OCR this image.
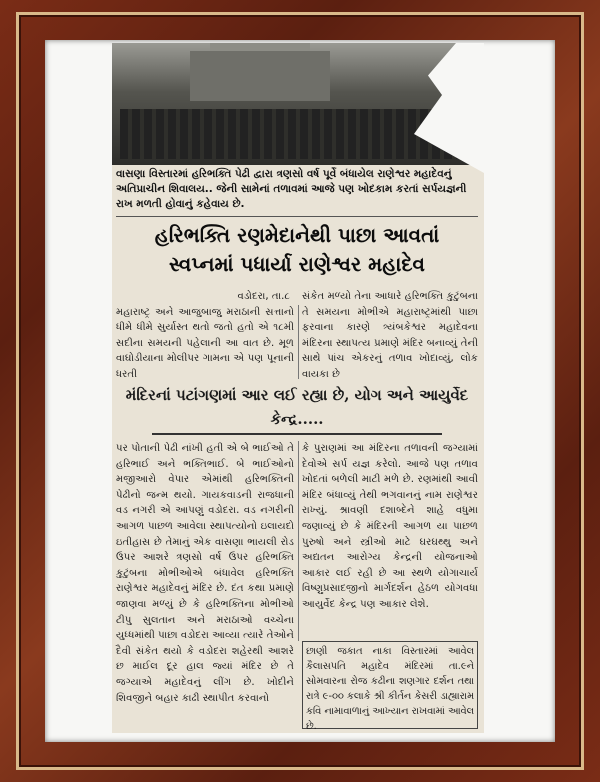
વાસણા વિસ્તારમાં હરિભક્તિ પેઢી દ્વારા ત્રણસો વર્ષ પૂર્વે બંધાયેલ રાણેશ્વર મહાદેવનું અતિપ્રાચીન શિવાલય.. જેની સામેનાં તળાવમાં આજે પણ ખોદકામ કરતાં સર્પયજ્ઞની રાખ મળતી હોવાનું કહેવાય છે.
હરિભક્તિ રણમેદાનેથી પાછા આવતાં
સ્વપ્નમાં પધાર્યા રાણેશ્વર મહાદેવ
વડોદરા, તા.૮
મહારાષ્ટ્ર અને આજુબાજુ મરાઠાની સત્તાનો ધીમે ધીમે સુર્યાસ્ત થતો જતો હતો એ ૧૮મી સદીના સમયની પહેલાની આ વાત છે. મૂળ વાઘોડીયાના મોલીપર ગામના એ પણ પૂનાની ધરતી
સંકેત મળ્યો તેના આધારે હરિભક્તિ કુટુંબના તે સમયના મોભીએ મહારાષ્ટ્રમાંથી પાછા ફરવાના કારણે ત્ર્યંબકેશ્વર મહાદેવના મંદિરના સ્થાપત્ય પ્રમાણે મંદિર બનાવ્યું તેની સાથે પાંચ એકરનું તળાવ ખોદાવ્યું, લોક વાયકા છે
મંદિરનાં પટાંગણમાં આર લઈ રહ્યા છે, યોગ અને આયુર્વેદ કેન્દ્ર.....
પર પોતાની પેઢી નાંખી હતી એ બે ભાઈઓ તે હરિભાઈ અને ભક્તિભાઈ. બે ભાઈઓનો મજીઆરો વેપાર એમાંથી હરિભક્તિની પેઢીનો જન્મ થયો. ગાયકવાડની રાજધાની વડ નગરી એ આપણું વડોદરા. વડ નગરીની આગળ પાછળ આવેલા સ્થાપત્યોનો ઇલાયદો ઇતીહાસ છે તેમાનું એક વાસણા ભાયલી રોડ ઉપર આશરે ત્રણસો વર્ષ ઉપર હરિભક્તિ કુટુંબના મોભીઓએ બંધાવેલ હરિભક્તિ રાણેશ્વર મહાદેવનું મંદિર છે. દંત કથા પ્રમાણે જાણવા મળ્યું છે કે હરિભક્તિના મોભીઓ ટીપુ સુલતાન અને મરાઠાઓ વચ્ચેના યુધ્ધમાંથી પાછા વડોદરા આવ્યા ત્યારે તેઓને દૈવી સંકેત થયો કે વડોદરા શહેરથી આશરે છ માઈલ દૂર હાલ જ્યાં મંદિર છે તે જગ્યાએ મહાદેવનું લીંગ છે. ખોદીને શિવજીને બહાર કાઢી સ્થાપીત કરવાનો
કે પુરાણમાં આ મંદિરના તળાવની જગ્યામાં દેવોએ સર્પ યજ્ઞ કરેલો. આજે પણ તળાવ ખોદતાં બળેલી માટી મળે છે. રણમાંથી આવી મંદિર બંધાવ્યું તેથી ભગવાનનું નામ રાણેશ્વર રાખ્યું. શ્રાવણી દશાબ્દેને શાહે વધુમા જણાવ્યું છે કે મંદિરની આગળ યા પાછળ પુરુષો અને સ્ત્રીઓ માટે ઘરઘથ્થુ અને અદ્યતન આરોગ્ય કેન્દ્રની યોજનાઓ આકાર લઈ રહી છે આ સ્થળે યોગાચાર્ય વિષ્ણુપ્રસાદજીનો માર્ગદર્શન હેઠળ યોગવધા આયુર્વેદ કેન્દ્ર પણ આકાર લેશે.
છાણી જકાત નાકા વિસ્તારમાં આવેલ કૈલાસપતિ મહાદેવ મંદિરમાં તા.૯ને સોમવારના રોજ કઢીના શણગાર દર્શન તથા રાત્રે ૯-૦૦ કલાકે શ્રી કીર્તન કેસરી ડાહ્યારામ કવિ નામાવાળાનું આખ્યાન રાખવામાં આવેલ છે.
